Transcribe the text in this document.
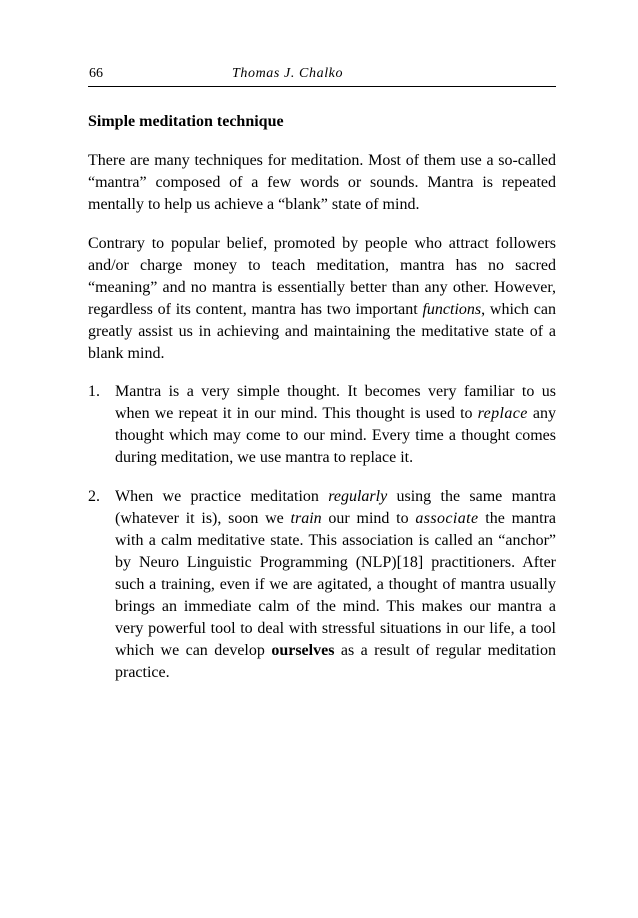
66	Thomas J. Chalko
Simple meditation technique

There are many techniques for meditation. Most of them use a so-called “mantra” composed of a few words or sounds. Mantra is repeated mentally to help us achieve a “blank” state of mind.

Contrary to popular belief, promoted by people who attract followers and/or charge money to teach meditation, mantra has no sacred “meaning” and no mantra is essentially better than any other. However, regardless of its content, mantra has two important functions, which can greatly assist us in achieving and maintaining the meditative state of a blank mind.

1. Mantra is a very simple thought. It becomes very familiar to us when we repeat it in our mind. This thought is used to replace any thought which may come to our mind. Every time a thought comes during meditation, we use mantra to replace it.
2. When we practice meditation regularly using the same mantra (whatever it is), soon we train our mind to associate the mantra with a calm meditative state. This association is called an “anchor” by Neuro Linguistic Programming (NLP)[18] practitioners. After such a training, even if we are agitated, a thought of mantra usually brings an immediate calm of the mind. This makes our mantra a very powerful tool to deal with stressful situations in our life, a tool which we can develop ourselves as a result of regular meditation practice.
